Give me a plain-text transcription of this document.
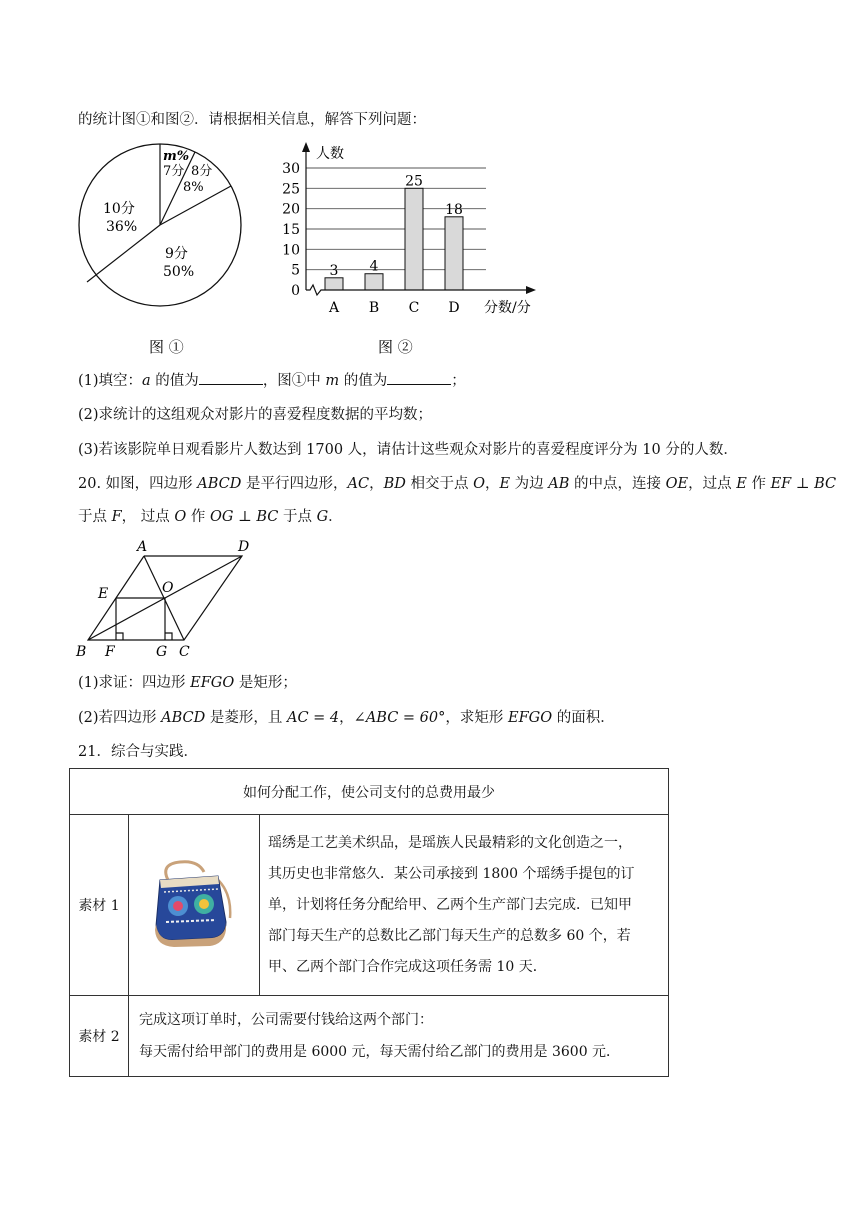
的统计图①和图②．请根据相关信息，解答下列问题：
m%
7分 8分
8%
10分
36%
9分
50%
图 ①
0
5
10
15
20
25
30
3 4
25
18
A B C D
人数
分数/分
图 ②
(1)填空：a 的值为	，图①中 m 的值为	；
(2)求统计的这组观众对影片的喜爱程度数据的平均数；
(3)若该影院单日观看影片人数达到 1700 人，请估计这些观众对影片的喜爱程度评分为 10 分的人数．
20. 如图，四边形 ABCD 是平行四边形，AC，BD 相交于点 O，E 为边 AB 的中点，连接 OE，过点 E 作 EF ⊥ BC
于点 F， 过点 O 作 OG ⊥ BC 于点 G．
A	D
E	O
B F	G C
(1)求证：四边形 EFGO 是矩形；
(2)若四边形 ABCD 是菱形，且 AC = 4，∠ABC = 60°，求矩形 EFGO 的面积．
21．综合与实践．
如何分配工作，使公司支付的总费用最少		
素材 1		瑶绣是工艺美术织品，是瑶族人民最精彩的文化创造之一，
其历史也非常悠久．某公司承接到 1800 个瑶绣手提包的订
单，计划将任务分配给甲、乙两个生产部门去完成．已知甲
部门每天生产的总数比乙部门每天生产的总数多 60 个，若
甲、乙两个部门合作完成这项任务需 10 天．

素材 2	完成这项订单时，公司需要付钱给这两个部门：
每天需付给甲部门的费用是 6000 元，每天需付给乙部门的费用是 3600 元．	
